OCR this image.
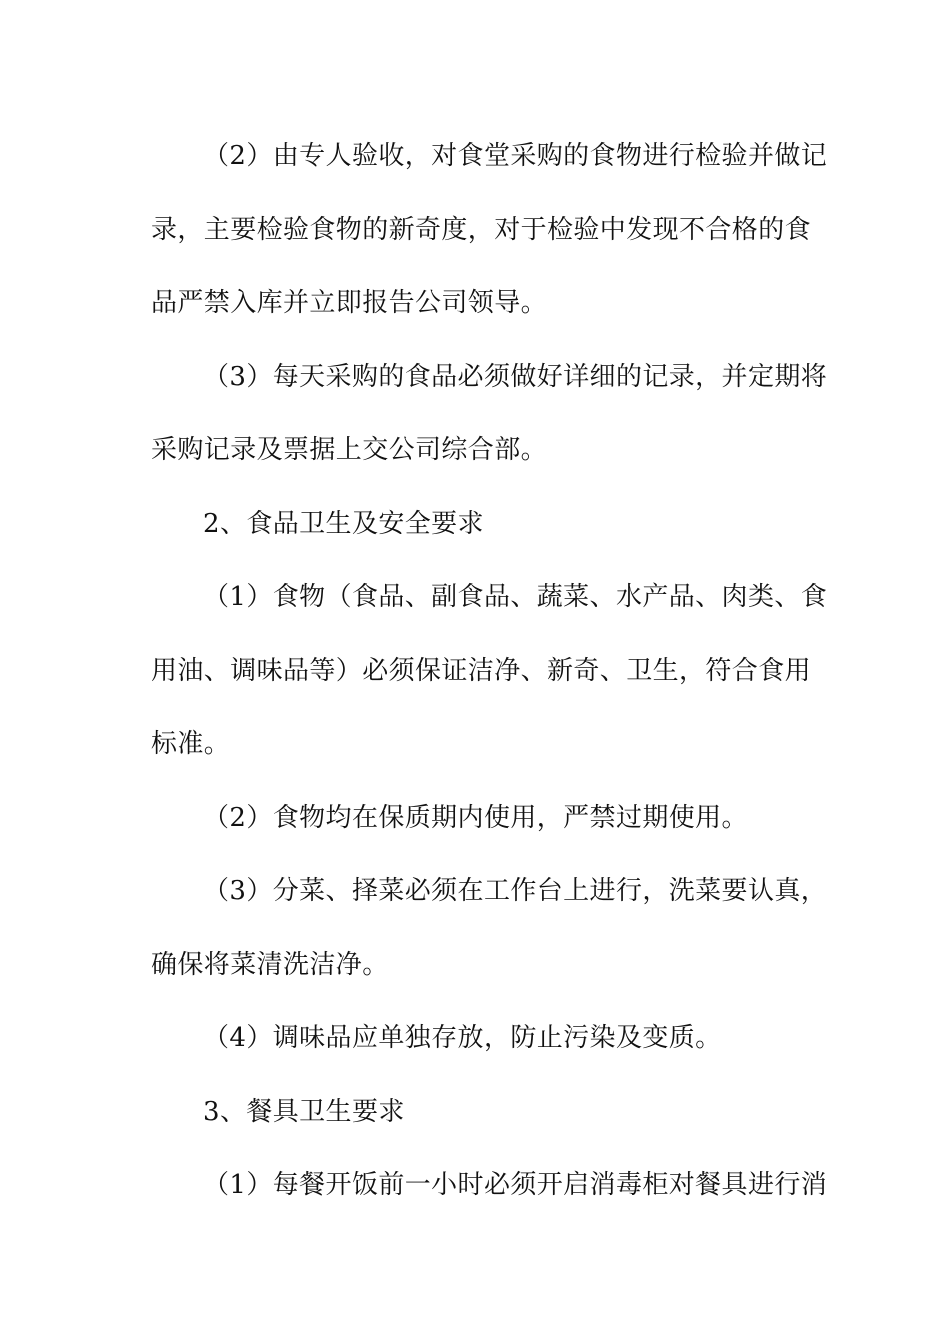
（2）由专人验收，对食堂采购的食物进行检验并做记
录，主要检验食物的新奇度，对于检验中发现不合格的食
品严禁入库并立即报告公司领导。
（3）每天采购的食品必须做好详细的记录，并定期将
采购记录及票据上交公司综合部。
2、食品卫生及安全要求
（1）食物（食品、副食品、蔬菜、水产品、肉类、食
用油、调味品等）必须保证洁净、新奇、卫生，符合食用
标准。
（2）食物均在保质期内使用，严禁过期使用。
（3）分菜、择菜必须在工作台上进行，洗菜要认真，
确保将菜清洗洁净。
（4）调味品应单独存放，防止污染及变质。
3、餐具卫生要求
（1）每餐开饭前一小时必须开启消毒柜对餐具进行消
